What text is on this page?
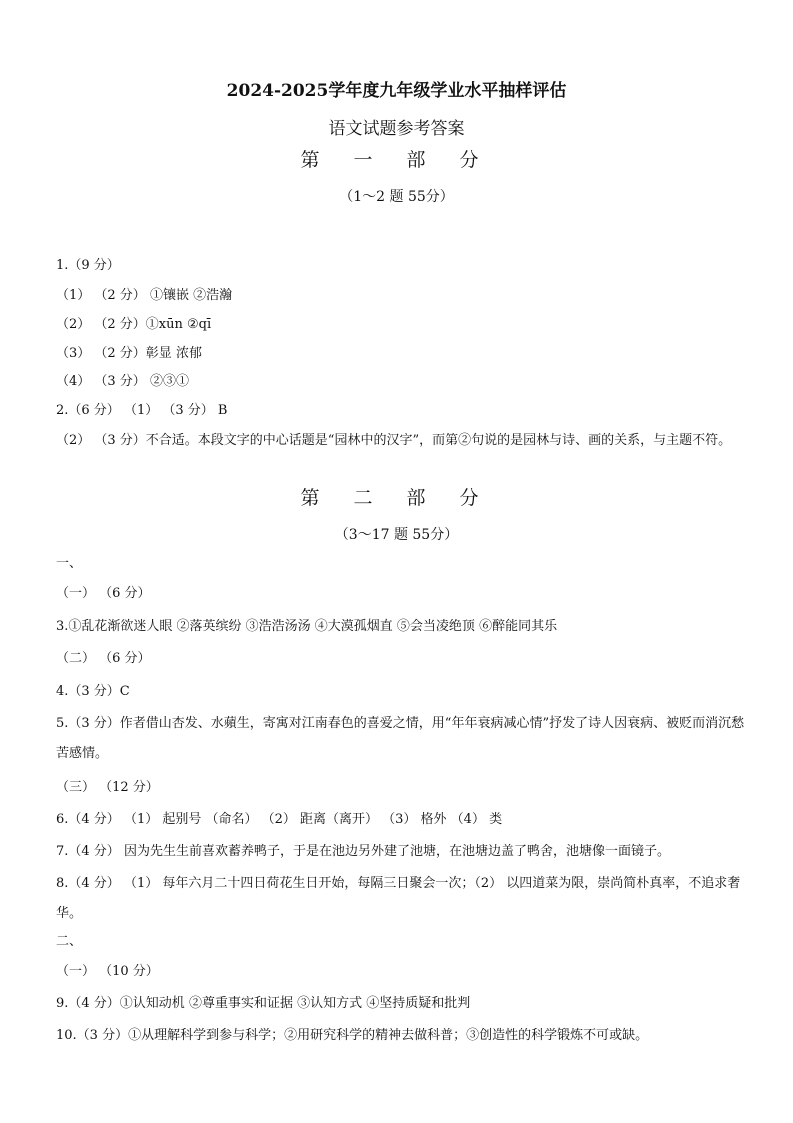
2024-2025学年度九年级学业水平抽样评估
语文试题参考答案
第 一 部 分
（1～2 题 55分）
1.（9 分）
（1） （2 分） ①镶嵌 ②浩瀚
（2） （2 分）①xūn ②qī
（3） （2 分）彰显 浓郁
（4） （3 分） ②③①
2.（6 分） （1） （3 分） B
（2） （3 分）不合适。本段文字的中心话题是“园林中的汉字”，而第②句说的是园林与诗、画的关系，与主题不符。
第 二 部 分
（3～17 题 55分）
一、
（一） （6 分）
3.①乱花渐欲迷人眼 ②落英缤纷 ③浩浩汤汤 ④大漠孤烟直 ⑤会当凌绝顶 ⑥醉能同其乐
（二） （6 分）
4.（3 分）C
5.（3 分）作者借山杏发、水蘋生，寄寓对江南春色的喜爱之情，用“年年衰病减心情”抒发了诗人因衰病、被贬而消沉愁苦感情。
（三） （12 分）
6.（4 分） （1） 起别号 （命名） （2） 距离（离开） （3） 格外 （4） 类
7.（4 分） 因为先生生前喜欢蓄养鸭子，于是在池边另外建了池塘，在池塘边盖了鸭舍，池塘像一面镜子。
8.（4 分） （1） 每年六月二十四日荷花生日开始，每隔三日聚会一次；（2） 以四道菜为限，崇尚简朴真率，不追求奢华。
二、
（一） （10 分）
9.（4 分）①认知动机 ②尊重事实和证据 ③认知方式 ④坚持质疑和批判
10.（3 分）①从理解科学到参与科学；②用研究科学的精神去做科普；③创造性的科学锻炼不可或缺。
